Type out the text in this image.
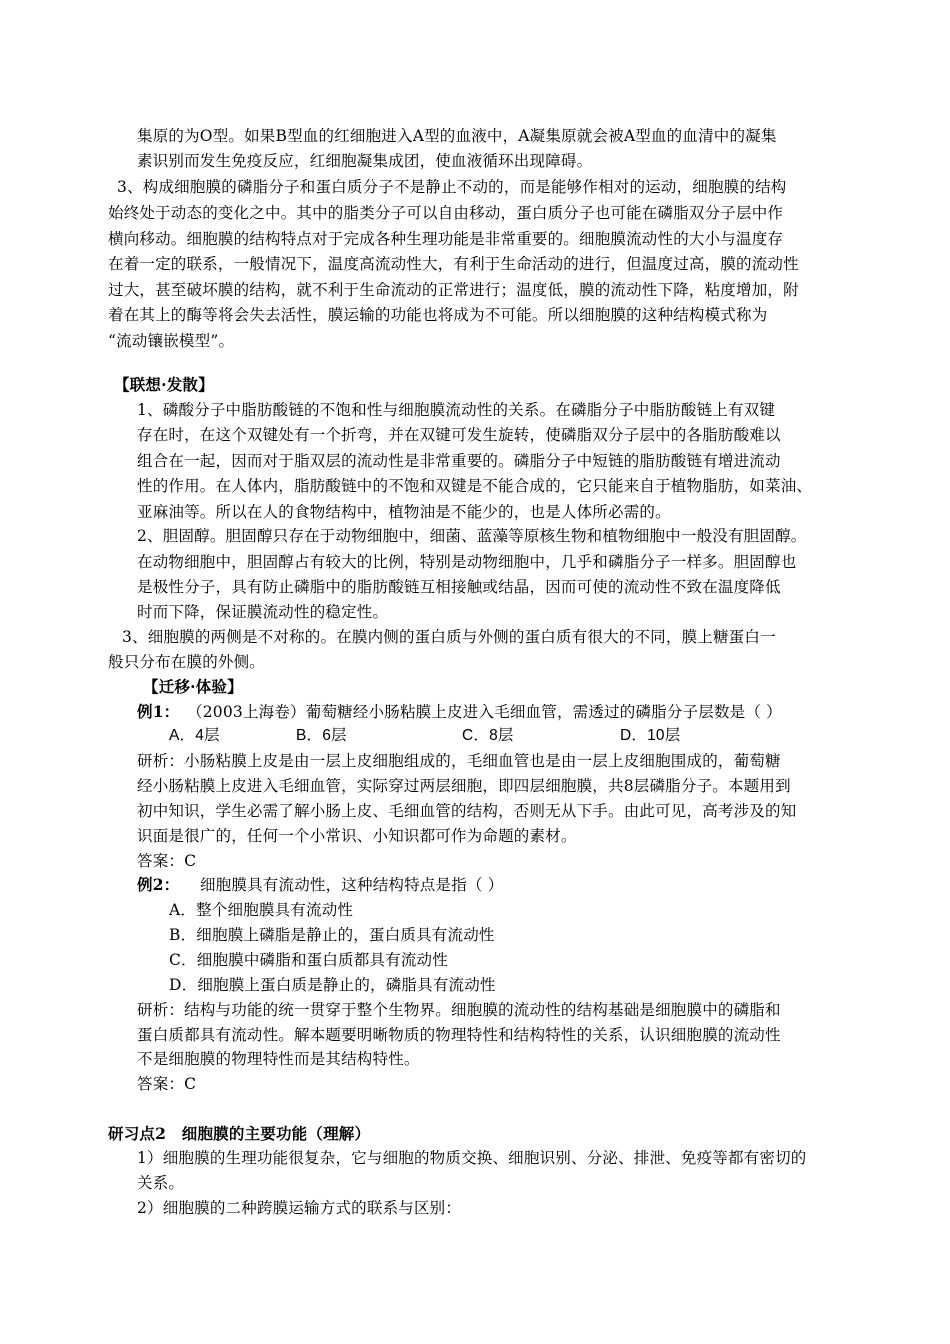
集原的为O型。如果B型血的红细胞进入A型的血液中，A凝集原就会被A型血的血清中的凝集
素识别而发生免疫反应，红细胞凝集成团，使血液循环出现障碍。
3、构成细胞膜的磷脂分子和蛋白质分子不是静止不动的，而是能够作相对的运动，细胞膜的结构
始终处于动态的变化之中。其中的脂类分子可以自由移动，蛋白质分子也可能在磷脂双分子层中作
横向移动。细胞膜的结构特点对于完成各种生理功能是非常重要的。细胞膜流动性的大小与温度存
在着一定的联系，一般情况下，温度高流动性大，有利于生命活动的进行，但温度过高，膜的流动性
过大，甚至破坏膜的结构，就不利于生命流动的正常进行；温度低，膜的流动性下降，粘度增加，附
着在其上的酶等将会失去活性，膜运输的功能也将成为不可能。所以细胞膜的这种结构模式称为
“流动镶嵌模型”。
【联想·发散】
1、磷酸分子中脂肪酸链的不饱和性与细胞膜流动性的关系。在磷脂分子中脂肪酸链上有双键
存在时，在这个双键处有一个折弯，并在双键可发生旋转，使磷脂双分子层中的各脂肪酸难以
组合在一起，因而对于脂双层的流动性是非常重要的。磷脂分子中短链的脂肪酸链有增进流动
性的作用。在人体内，脂肪酸链中的不饱和双键是不能合成的，它只能来自于植物脂肪，如菜油、
亚麻油等。所以在人的食物结构中，植物油是不能少的，也是人体所必需的。
2、胆固醇。胆固醇只存在于动物细胞中，细菌、蓝藻等原核生物和植物细胞中一般没有胆固醇。
在动物细胞中，胆固醇占有较大的比例，特别是动物细胞中，几乎和磷脂分子一样多。胆固醇也
是极性分子，具有防止磷脂中的脂肪酸链互相接触或结晶，因而可使的流动性不致在温度降低
时而下降，保证膜流动性的稳定性。
3、细胞膜的两侧是不对称的。在膜内侧的蛋白质与外侧的蛋白质有很大的不同，膜上糖蛋白一
般只分布在膜的外侧。
【迁移·体验】
例1： （2003上海卷）葡萄糖经小肠粘膜上皮进入毛细血管，需透过的磷脂分子层数是（ ）
A．4层	B．6层	C．8层	D．10层
研析：小肠粘膜上皮是由一层上皮细胞组成的，毛细血管也是由一层上皮细胞围成的，葡萄糖
经小肠粘膜上皮进入毛细血管，实际穿过两层细胞，即四层细胞膜，共8层磷脂分子。本题用到
初中知识，学生必需了解小肠上皮、毛细血管的结构，否则无从下手。由此可见，高考涉及的知
识面是很广的，任何一个小常识、小知识都可作为命题的素材。
答案：C
例2： 细胞膜具有流动性，这种结构特点是指（ ）
A．整个细胞膜具有流动性
B．细胞膜上磷脂是静止的，蛋白质具有流动性
C．细胞膜中磷脂和蛋白质都具有流动性
D．细胞膜上蛋白质是静止的，磷脂具有流动性
研析：结构与功能的统一贯穿于整个生物界。细胞膜的流动性的结构基础是细胞膜中的磷脂和
蛋白质都具有流动性。解本题要明晰物质的物理特性和结构特性的关系，认识细胞膜的流动性
不是细胞膜的物理特性而是其结构特性。
答案：C
研习点2　细胞膜的主要功能（理解）
1）细胞膜的生理功能很复杂，它与细胞的物质交换、细胞识别、分泌、排泄、免疫等都有密切的
关系。
2）细胞膜的二种跨膜运输方式的联系与区别：
